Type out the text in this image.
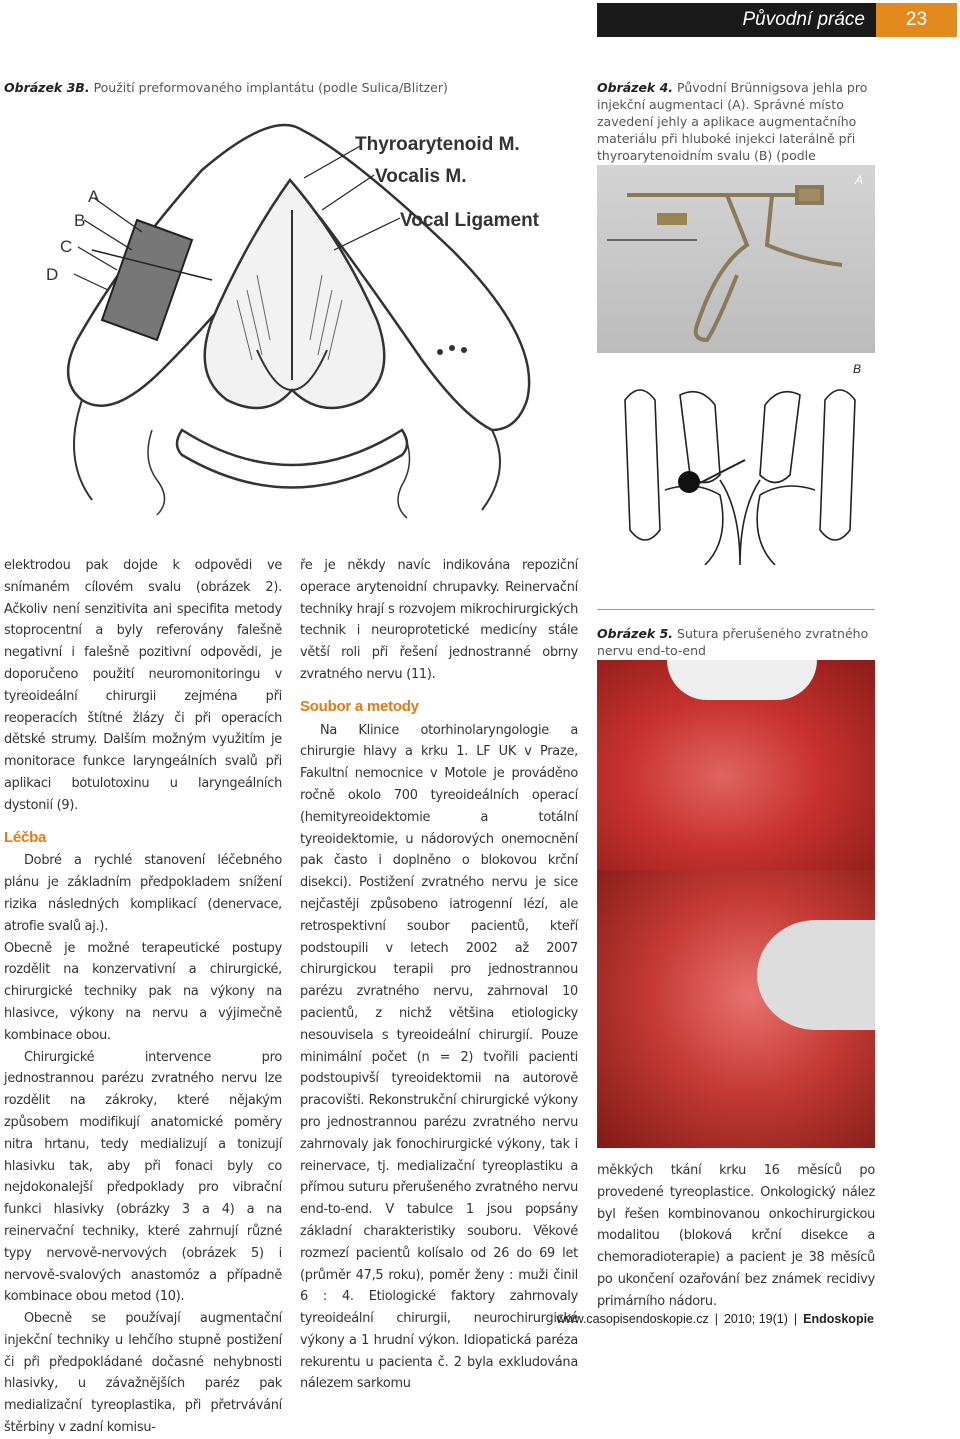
Původní práce	23
Obrázek 3B. Použití preformovaného implantátu (podle Sulica/Blitzer)
Thyroarytenoid M.
Vocalis M.
Vocal Ligament
A
B
C
D
Obrázek 4. Původní Brünnigsova jehla pro injekční augmentaci (A). Správné místo zavedení jehly a aplikace augmentačního materiálu při hluboké injekci laterálně při thyroarytenoidním svalu (B) (podle
A
B
Obrázek 5. Sutura přerušeného zvratného nervu end-to-end

elektrodou pak dojde k odpovědi ve snímaném cílovém svalu (obrázek 2). Ačkoliv není senzitivita ani specifita metody stoprocentní a byly referovány falešně negativní i falešně pozitivní odpovědi, je doporučeno použití neuromonitoringu v tyreoideální chirurgii zejména při reoperacích štítné žlázy či při operacích dětské strumy. Dalším možným využitím je monitorace funkce laryngeálních svalů při aplikaci botulotoxinu u laryngeálních dystonií (9).

Léčba

Dobré a rychlé stanovení léčebného plánu je základním předpokladem snížení rizika následných komplikací (denervace, atrofie svalů aj.).

Obecně je možné terapeutické postupy rozdělit na konzervativní a chirurgické, chirurgické techniky pak na výkony na hlasivce, výkony na nervu a výjimečně kombinace obou.

Chirurgické intervence pro jednostrannou parézu zvratného nervu lze rozdělit na zákroky, které nějakým způsobem modifikují anatomické poměry nitra hrtanu, tedy medializují a tonizují hlasivku tak, aby při fonaci byly co nejdokonalejší předpoklady pro vibrační funkci hlasivky (obrázky 3 a 4) a na reinervační techniky, které zahrnují různé typy nervově-nervových (obrázek 5) i nervově-svalových anastomóz a případně kombinace obou metod (10).

Obecně se používají augmentační injekční techniky u lehčího stupně postižení či při předpokládané dočasné nehybnosti hlasivky, u závažnějších paréz pak medializační tyreoplastika, při přetrvávání štěrbiny v zadní komisu-

ře je někdy navíc indikována repoziční operace arytenoidní chrupavky. Reinervační techniky hrají s rozvojem mikrochirurgických technik i neuroprotetické medicíny stále větší roli při řešení jednostranné obrny zvratného nervu (11).

Soubor a metody

Na Klinice otorhinolaryngologie a chirurgie hlavy a krku 1. LF UK v Praze, Fakultní nemocnice v Motole je prováděno ročně okolo 700 tyreoideálních operací (hemityreoidektomie a totální tyreoidektomie, u nádorových onemocnění pak často i doplněno o blokovou krční disekci). Postižení zvratného nervu je sice nejčastěji způsobeno iatrogenní lézí, ale retrospektivní soubor pacientů, kteří podstoupili v letech 2002 až 2007 chirurgickou terapii pro jednostrannou parézu zvratného nervu, zahrnoval 10 pacientů, z nichž většina etiologicky nesouvisela s tyreoideální chirurgií. Pouze minimální počet (n = 2) tvořili pacienti podstoupivší tyreoidektomii na autorově pracovišti. Rekonstrukční chirurgické výkony pro jednostrannou parézu zvratného nervu zahrnovaly jak fonochirurgické výkony, tak i reinervace, tj. medializační tyreoplastiku a přímou suturu přerušeného zvratného nervu end-to-end. V tabulce 1 jsou popsány základní charakteristiky souboru. Věkové rozmezí pacientů kolísalo od 26 do 69 let (průměr 47,5 roku), poměr ženy : muži činil 6 : 4. Etiologické faktory zahrnovaly tyreoideální chirurgii, neurochirurgické výkony a 1 hrudní výkon. Idiopatická paréza rekurentu u pacienta č. 2 byla exkludována nálezem sarkomu

měkkých tkání krku 16 měsíců po provedené tyreoplastice. Onkologický nález byl řešen kombinovanou onkochirurgickou modalitou (bloková krční disekce a chemoradioterapie) a pacient je 38 měsíců po ukončení ozařování bez známek recidivy primárního nádoru.

www.casopisendoskopie.cz | 2010; 19(1) | Endoskopie
